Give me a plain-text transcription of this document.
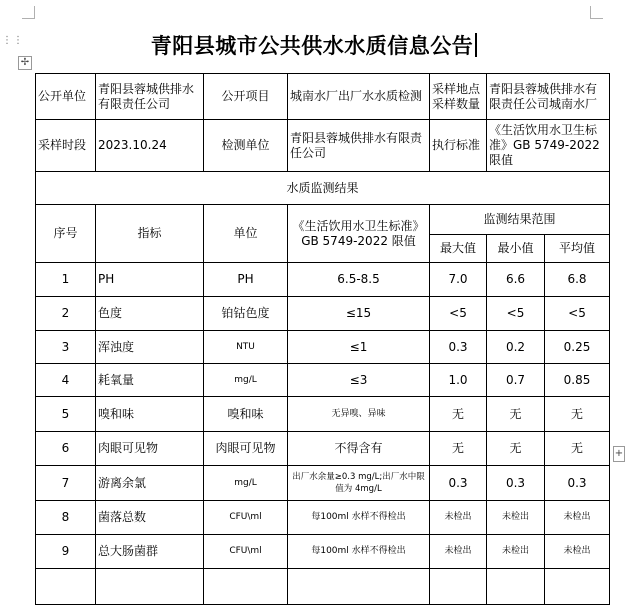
⋮⋮
✢
+
青阳县城市公共供水水质信息公告
公开单位	青阳县蓉城供排水有限责任公司	公开项目	城南水厂出厂水水质检测	采样地点采样数量	青阳县蓉城供排水有限责任公司城南水厂	
采样时段	2023.10.24	检测单位	青阳县蓉城供排水有限责任公司	执行标准	《生活饮用水卫生标准》GB 5749-2022 限值	
水质监测结果						
序号	指标	单位	《生活饮用水卫生标准》GB 5749-2022 限值	监测结果范围		
				最大值	最小值	平均值
1	PH	PH	6.5-8.5	7.0	6.6	6.8
2	色度	铂钴色度	≤15	<5	<5	<5
3	浑浊度	NTU	≤1	0.3	0.2	0.25
4	耗氧量	mg/L	≤3	1.0	0.7	0.85
5	嗅和味	嗅和味	无异嗅、异味	无	无	无
6	肉眼可见物	肉眼可见物	不得含有	无	无	无
7	游离余氯	mg/L	出厂水余量≥0.3 mg/L;出厂水中限值为 4mg/L	0.3	0.3	0.3
8	菌落总数	CFU\ml	每100ml 水样不得检出	未检出	未检出	未检出
9	总大肠菌群	CFU\ml	每100ml 水样不得检出	未检出	未检出	未检出
